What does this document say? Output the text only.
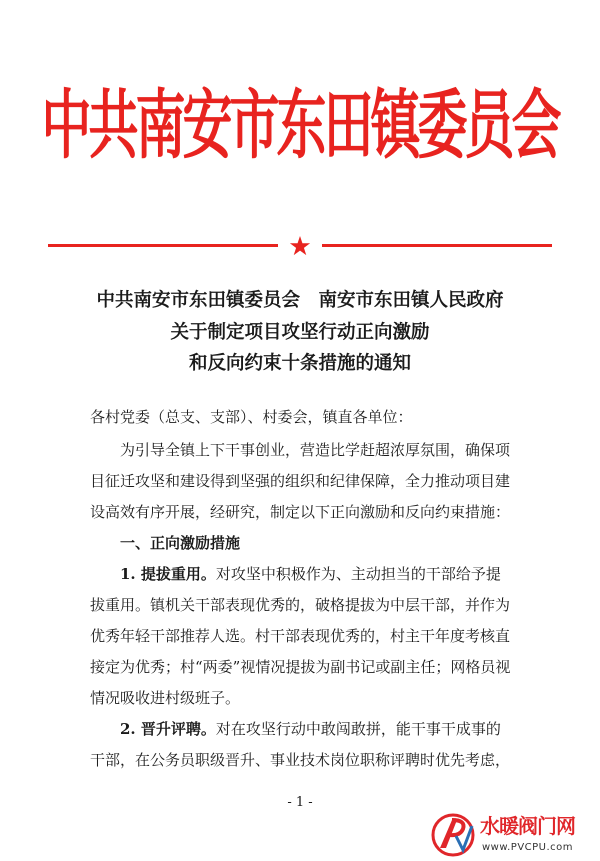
中共南安市东田镇委员会
中共南安市东田镇委员会　南安市东田镇人民政府
关于制定项目攻坚行动正向激励
和反向约束十条措施的通知
各村党委（总支、支部）、村委会，镇直各单位：
为引导全镇上下干事创业，营造比学赶超浓厚氛围，确保项
目征迁攻坚和建设得到坚强的组织和纪律保障，全力推动项目建
设高效有序开展，经研究，制定以下正向激励和反向约束措施：
一、正向激励措施
1. 提拔重用。对攻坚中积极作为、主动担当的干部给予提
拔重用。镇机关干部表现优秀的，破格提拔为中层干部，并作为
优秀年轻干部推荐人选。村干部表现优秀的，村主干年度考核直
接定为优秀；村“两委”视情况提拔为副书记或副主任；网格员视
情况吸收进村级班子。
2. 晋升评聘。对在攻坚行动中敢闯敢拼，能干事干成事的
干部，在公务员职级晋升、事业技术岗位职称评聘时优先考虑，
- 1 -
水暖阀门网
www.PVCPU.com
